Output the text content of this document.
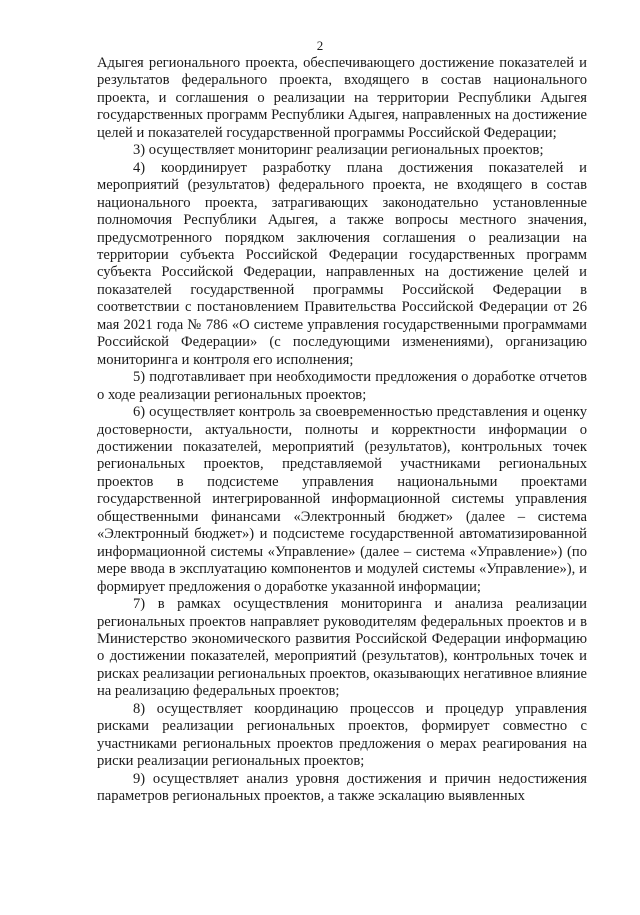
2

Адыгея регионального проекта, обеспечивающего достижение показателей и результатов федерального проекта, входящего в состав национального проекта, и соглашения о реализации на территории Республики Адыгея государственных программ Республики Адыгея, направленных на достижение целей и показателей государственной программы Российской Федерации;

3) осуществляет мониторинг реализации региональных проектов;

4) координирует разработку плана достижения показателей и мероприятий (результатов) федерального проекта, не входящего в состав национального проекта, затрагивающих законодательно установленные полномочия Республики Адыгея, а также вопросы местного значения, предусмотренного порядком заключения соглашения о реализации на территории субъекта Российской Федерации государственных программ субъекта Российской Федерации, направленных на достижение целей и показателей государственной программы Российской Федерации в соответствии с постановлением Правительства Российской Федерации от 26 мая 2021 года № 786 «О системе управления государственными программами Российской Федерации» (с последующими изменениями), организацию мониторинга и контроля его исполнения;

5) подготавливает при необходимости предложения о доработке отчетов о ходе реализации региональных проектов;

6) осуществляет контроль за своевременностью представления и оценку достоверности, актуальности, полноты и корректности информации о достижении показателей, мероприятий (результатов), контрольных точек региональных проектов, представляемой участниками региональных проектов в подсистеме управления национальными проектами государственной интегрированной информационной системы управления общественными финансами «Электронный бюджет» (далее – система «Электронный бюджет») и подсистеме государственной автоматизированной информационной системы «Управление» (далее – система «Управление») (по мере ввода в эксплуатацию компонентов и модулей системы «Управление»), и формирует предложения о доработке указанной информации;

7) в рамках осуществления мониторинга и анализа реализации региональных проектов направляет руководителям федеральных проектов и в Министерство экономического развития Российской Федерации информацию о достижении показателей, мероприятий (результатов), контрольных точек и рисках реализации региональных проектов, оказывающих негативное влияние на реализацию федеральных проектов;

8) осуществляет координацию процессов и процедур управления рисками реализации региональных проектов, формирует совместно с участниками региональных проектов предложения о мерах реагирования на риски реализации региональных проектов;

9) осуществляет анализ уровня достижения и причин недостижения параметров региональных проектов, а также эскалацию выявленных
